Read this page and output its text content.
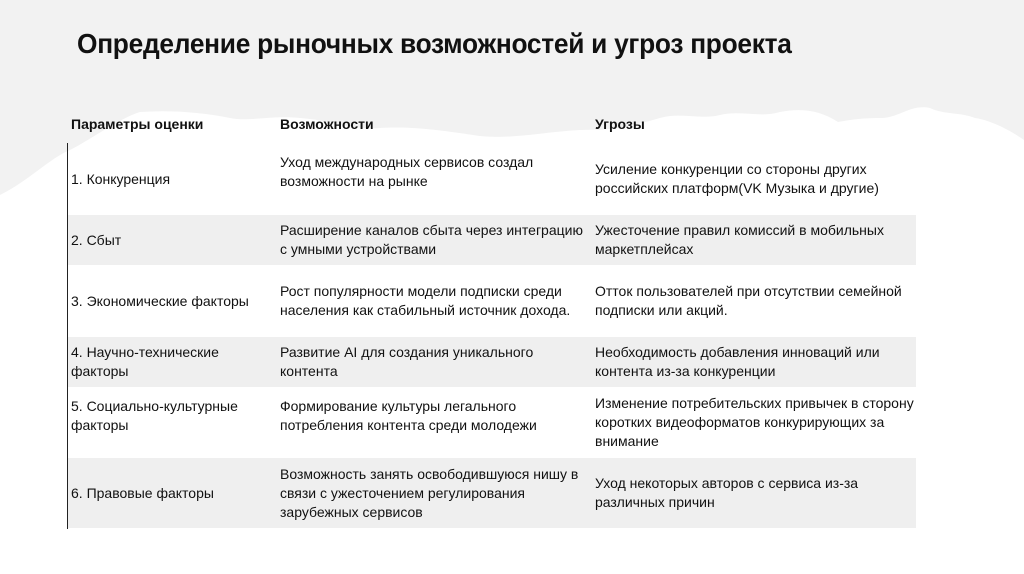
Определение рыночных возможностей и угроз проекта
Параметры оценки	Возможности	Угрозы
1. Конкуренция
Уход международных сервисов создал возможности на рынке
Усиление конкуренции со стороны других российских платформ(VK Музыка и другие)
2. Сбыт
Расширение каналов сбыта через интеграцию с умными устройствами
Ужесточение правил комиссий в мобильных маркетплейсах
3. Экономические факторы
Рост популярности модели подписки среди населения как стабильный источник дохода.
Отток пользователей при отсутствии семейной подписки или акций.
4. Научно-технические факторы
Развитие AI для создания уникального контента
Необходимость добавления инноваций или контента из-за конкуренции
5. Социально-культурные факторы
Формирование культуры легального потребления контента среди молодежи
Изменение потребительских привычек в сторону коротких видеоформатов конкурирующих за внимание
6. Правовые факторы
Возможность занять освободившуюся нишу в связи с ужесточением регулирования зарубежных сервисов
Уход некоторых авторов с сервиса из-за различных причин
